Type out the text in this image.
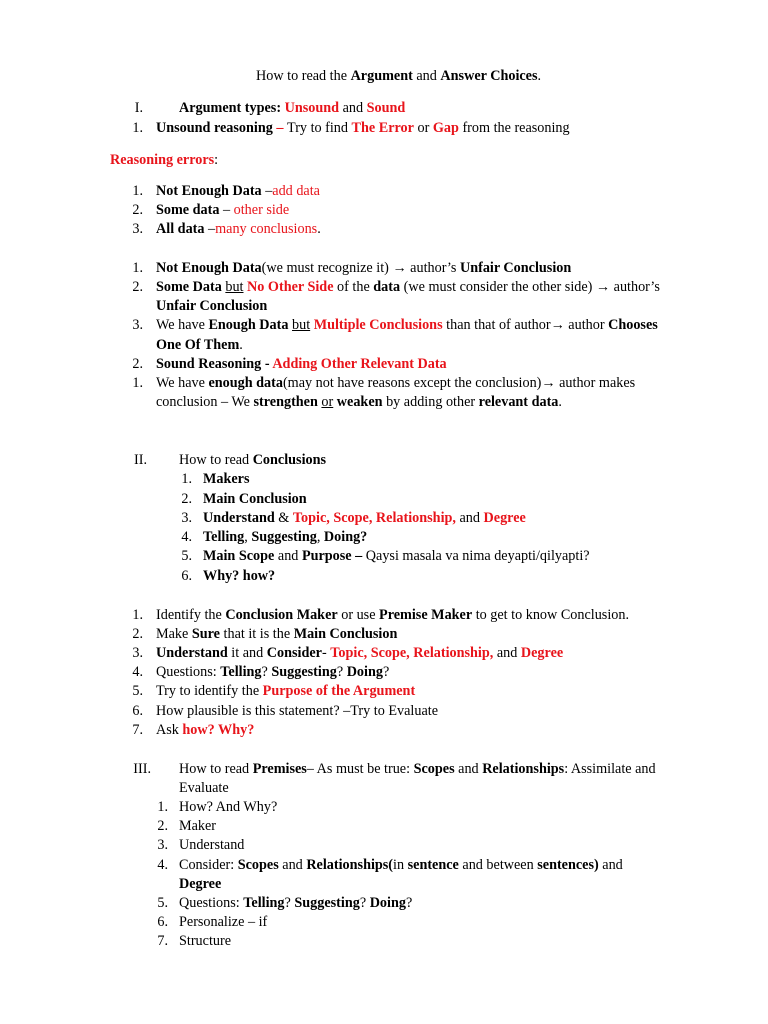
How to read the Argument and Answer Choices.
I.	Argument types: Unsound and Sound
1. Unsound reasoning – Try to find The Error or Gap from the reasoning
Reasoning errors:
1. Not Enough Data –add data
2. Some data – other side
3. All data –many conclusions.
1. Not Enough Data(we must recognize it) → author’s Unfair Conclusion
2. Some Data but No Other Side of the data (we must consider the other side) → author’s
Unfair Conclusion
3. We have Enough Data but Multiple Conclusions than that of author→ author Chooses
One Of Them.
2. Sound Reasoning - Adding Other Relevant Data
1. We have enough data(may not have reasons except the conclusion)→ author makes
conclusion – We strengthen or weaken by adding other relevant data.
II. How to read Conclusions
1. Makers
2. Main Conclusion
3. Understand & Topic, Scope, Relationship, and Degree
4. Telling, Suggesting, Doing?
5. Main Scope and Purpose – Qaysi masala va nima deyapti/qilyapti?
6. Why? how?
1. Identify the Conclusion Maker or use Premise Maker to get to know Conclusion.
2. Make Sure that it is the Main Conclusion
3. Understand it and Consider- Topic, Scope, Relationship, and Degree
4. Questions: Telling? Suggesting? Doing?
5. Try to identify the Purpose of the Argument
6. How plausible is this statement? –Try to Evaluate
7. Ask how? Why?
III. How to read Premises– As must be true: Scopes and Relationships: Assimilate and
Evaluate
1. How? And Why?
2. Maker
3. Understand
4. Consider: Scopes and Relationships(in sentence and between sentences) and
Degree
5. Questions: Telling? Suggesting? Doing?
6. Personalize – if
7. Structure
